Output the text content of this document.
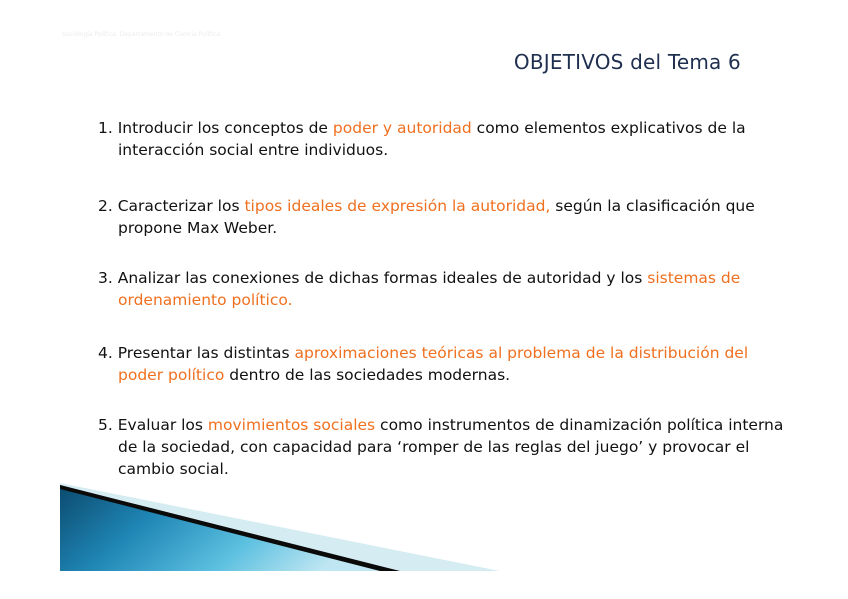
Sociología Política. Departamento de Ciencia Política.
OBJETIVOS del Tema 6
1. Introducir los conceptos de poder y autoridad como elementos explicativos de la interacción social entre individuos.
2. Caracterizar los tipos ideales de expresión la autoridad, según la clasificación que propone Max Weber.
3. Analizar las conexiones de dichas formas ideales de autoridad y los sistemas de ordenamiento político.
4. Presentar las distintas aproximaciones teóricas al problema de la distribución del poder político dentro de las sociedades modernas.
5. Evaluar los movimientos sociales como instrumentos de dinamización política interna de la sociedad, con capacidad para ‘romper de las reglas del juego’ y provocar el cambio social.
